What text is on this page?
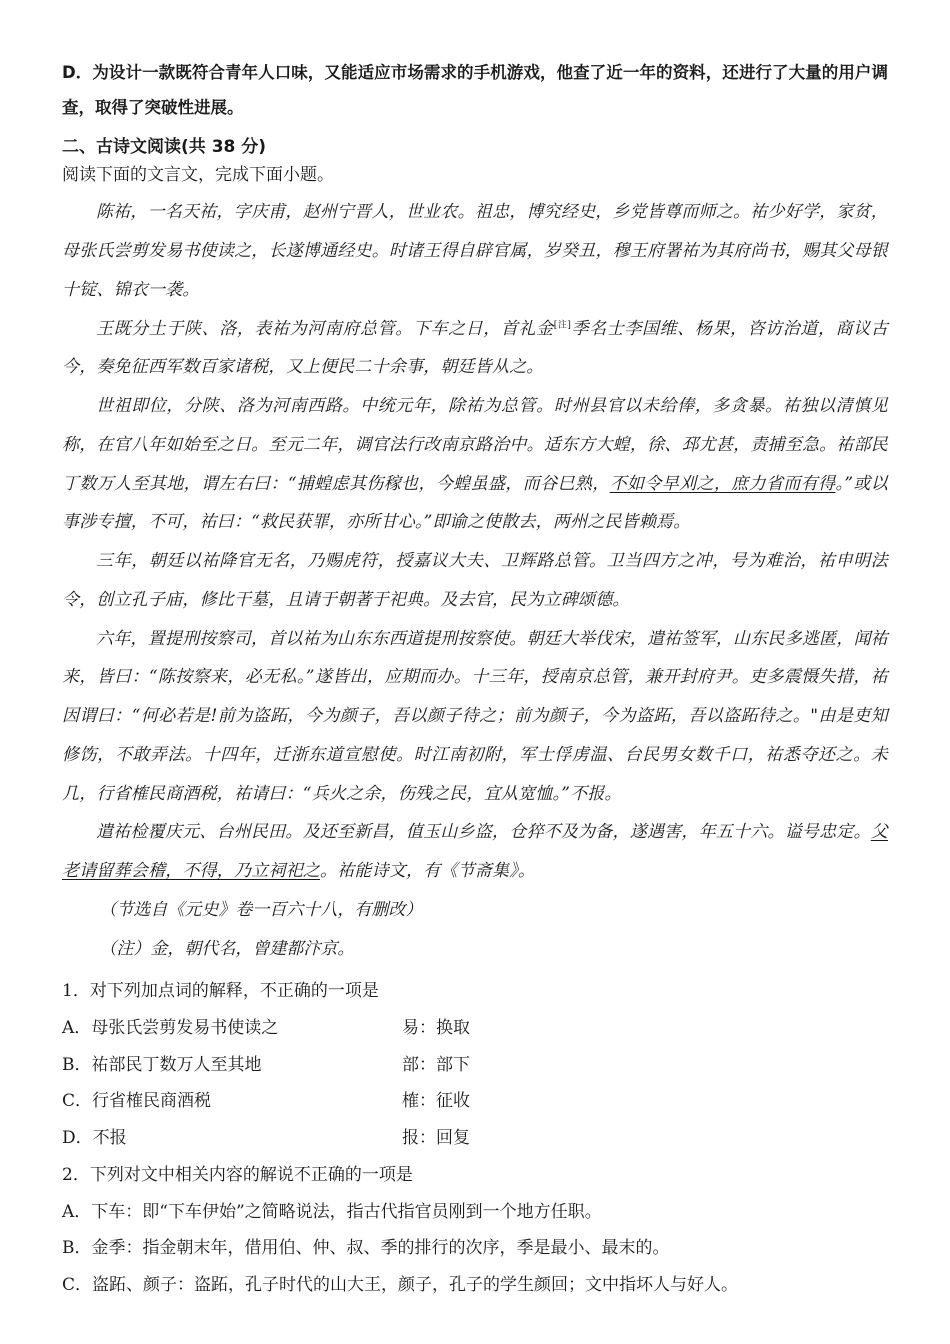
D．为设计一款既符合青年人口味，又能适应市场需求的手机游戏，他查了近一年的资料，还进行了大量的用户调查，取得了突破性进展。

二、古诗文阅读(共 38 分)

阅读下面的文言文，完成下面小题。

陈祐，一名天祐，字庆甫，赵州宁晋人，世业农。祖忠，博究经史，乡党皆尊而师之。祐少好学，家贫，母张氏尝剪发易书使读之，长遂博通经史。时诸王得自辟官属，岁癸丑，穆王府署祐为其府尚书，赐其父母银十锭、锦衣一袭。

王既分土于陕、洛，表祐为河南府总管。下车之日，首礼金[注]季名士李国维、杨果，咨访治道，商议古今，奏免征西军数百家诸税，又上便民二十余事，朝廷皆从之。

世祖即位，分陕、洛为河南西路。中统元年，除祐为总管。时州县官以未给俸，多贪暴。祐独以清慎见称，在官八年如始至之日。至元二年，调官法行改南京路治中。适东方大蝗，徐、邳尤甚，责捕至急。祐部民丁数万人至其地，谓左右曰：“捕蝗虑其伤稼也，今蝗虽盛，而谷巳熟，不如令早刈之，庶力省而有得。”或以事涉专擅，不可，祐曰：“救民获罪，亦所甘心。”即谕之使散去，两州之民皆赖焉。

三年，朝廷以祐降官无名，乃赐虎符，授嘉议大夫、卫辉路总管。卫当四方之冲，号为难治，祐申明法令，创立孔子庙，修比干墓，且请于朝著于祀典。及去官，民为立碑颂德。

六年，置提刑按察司，首以祐为山东东西道提刑按察使。朝廷大举伐宋，遣祐签军，山东民多逃匿，闻祐来，皆曰：“陈按察来，必无私。”遂皆出，应期而办。十三年，授南京总管，兼开封府尹。吏多震慑失措，祐因谓曰：“何必若是!前为盗跖，今为颜子，吾以颜子待之；前为颜子，今为盗跖，吾以盗跖待之。"由是吏知修饬，不敢弄法。十四年，迁浙东道宣慰使。时江南初附，军士俘虏温、台民男女数千口，祐悉夺还之。未几，行省榷民商酒税，祐请曰：“兵火之余，伤残之民，宜从宽恤。”不报。

遣祐检覆庆元、台州民田。及还至新昌，值玉山乡盗，仓猝不及为备，遂遇害，年五十六。谥号忠定。父老请留葬会稽，不得，乃立祠祀之。祐能诗文，有《节斋集》。

（节选自《元史》卷一百六十八，有删改）

（注）金，朝代名，曾建都汴京。

1．对下列加点词的解释，不正确的一项是

A．母张氏尝剪发易书使读之	易：换取
B．祐部民丁数万人至其地	部：部下
C．行省榷民商酒税	榷：征收
D．不报	报：回复

2．下列对文中相关内容的解说不正确的一项是

A．下车：即“下车伊始”之简略说法，指古代指官员刚到一个地方任职。
B．金季：指金朝末年，借用伯、仲、叔、季的排行的次序，季是最小、最末的。
C．盗跖、颜子：盗跖，孔子时代的山大王，颜子，孔子的学生颜回；文中指坏人与好人。
